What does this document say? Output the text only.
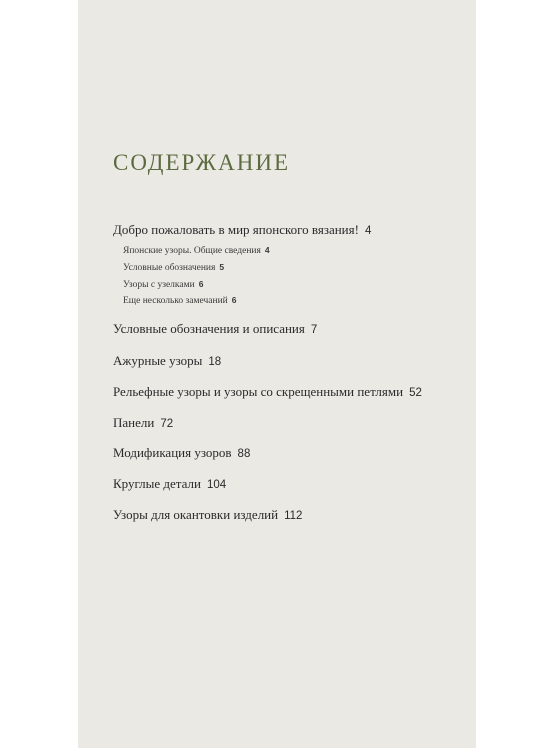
СОДЕРЖАНИЕ
Добро пожаловать в мир японского вязания! 4
Японские узоры. Общие сведения 4
Условные обозначения 5
Узоры с узелками 6
Еще несколько замечаний 6
Условные обозначения и описания 7
Ажурные узоры 18
Рельефные узоры и узоры со скрещенными петлями 52
Панели 72
Модификация узоров 88
Круглые детали 104
Узоры для окантовки изделий 112
